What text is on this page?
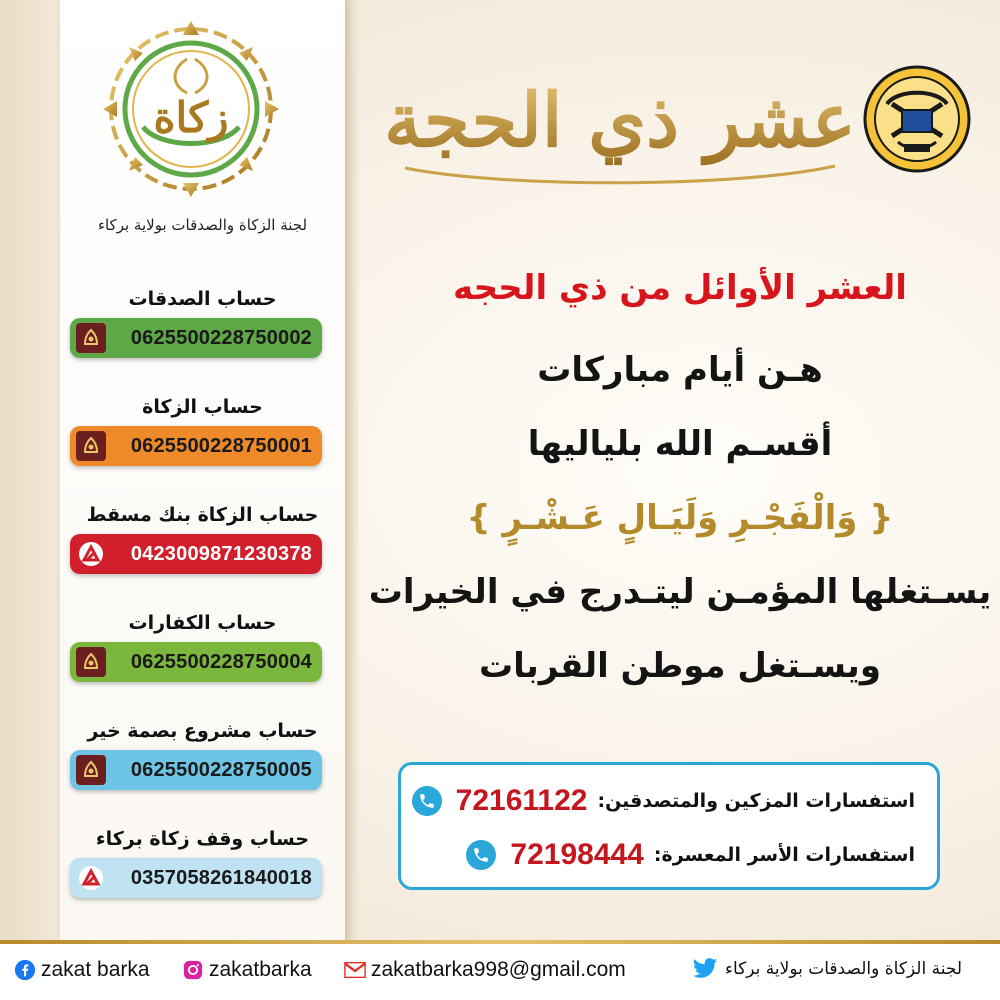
زكاة
لجنة الزكاة والصدقات بولاية بركاء
حساب الصدقات
0625500228750002
حساب الزكاة
0625500228750001
حساب الزكاة بنك مسقط
0423009871230378
حساب الكفارات
0625500228750004
حساب مشروع بصمة خير
0625500228750005
حساب وقف زكاة بركاء
0357058261840018
عشر ذي الحجة
العشر الأوائل من ذي الحجه
هـن أيام مباركات
أقسـم الله بلياليها
{ وَالْفَجْـرِ وَلَيَـالٍ عَـشْـرٍ }
يسـتغلها المؤمـن ليتـدرج في الخيرات
ويسـتغل موطن القربات
استفسارات المزكين والمتصدقين:
72161122
استفسارات الأسر المعسرة:
72198444
zakat barka	zakatbarka	zakatbarka998@gmail.com	لجنة الزكاة والصدقات بولاية بركاء
